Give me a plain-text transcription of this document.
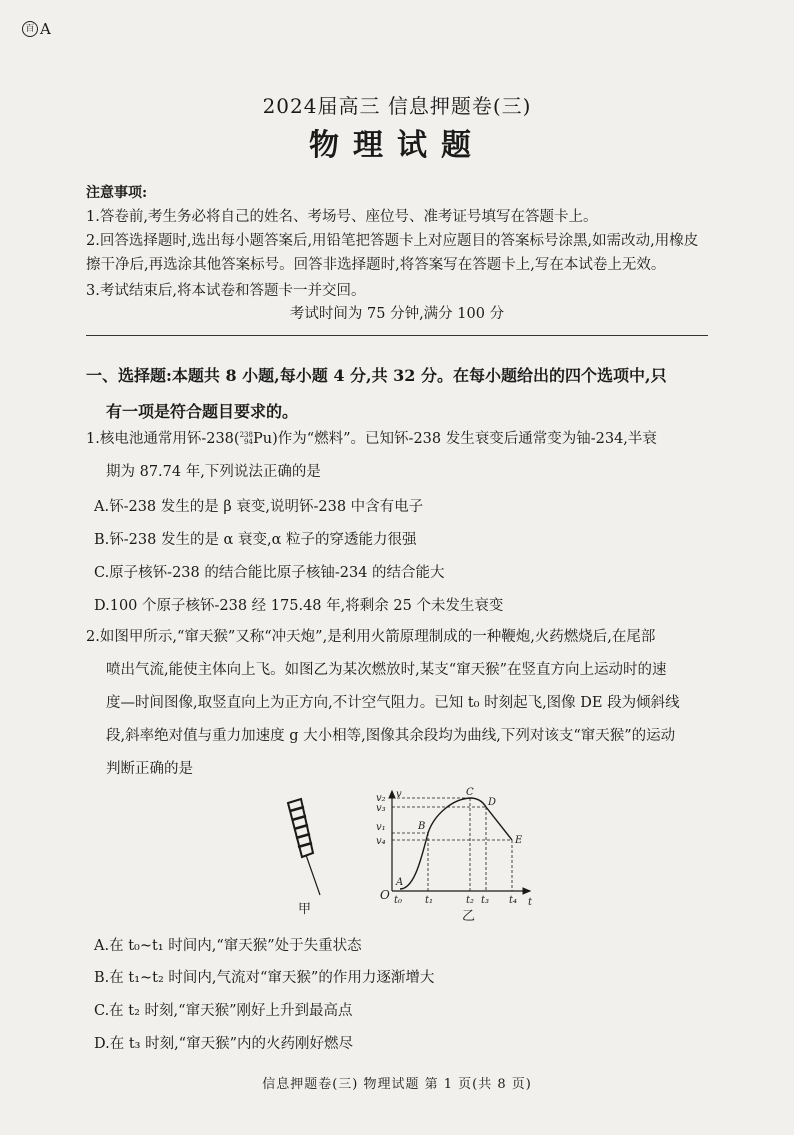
百 A
2024届高三 信息押题卷(三)
物理试题
注意事项:
1.答卷前,考生务必将自己的姓名、考场号、座位号、准考证号填写在答题卡上。
2.回答选择题时,选出每小题答案后,用铅笔把答题卡上对应题目的答案标号涂黑,如需改动,用橡皮
擦干净后,再选涂其他答案标号。回答非选择题时,将答案写在答题卡上,写在本试卷上无效。
3.考试结束后,将本试卷和答题卡一并交回。
考试时间为 75 分钟,满分 100 分
一、选择题:本题共 8 小题,每小题 4 分,共 32 分。在每小题给出的四个选项中,只
有一项是符合题目要求的。
1.核电池通常用钚-238( 238
94 Pu)作为“燃料”。已知钚-238 发生衰变后通常变为铀-234,半衰
期为 87.74 年,下列说法正确的是
A.钚-238 发生的是 β 衰变,说明钚-238 中含有电子
B.钚-238 发生的是 α 衰变,α 粒子的穿透能力很强
C.原子核钚-238 的结合能比原子核铀-234 的结合能大
D.100 个原子核钚-238 经 175.48 年,将剩余 25 个未发生衰变
2.如图甲所示,“窜天猴”又称“冲天炮”,是利用火箭原理制成的一种鞭炮,火药燃烧后,在尾部
喷出气流,能使主体向上飞。如图乙为某次燃放时,某支“窜天猴”在竖直方向上运动时的速
度—时间图像,取竖直向上为正方向,不计空气阻力。已知 t₀ 时刻起飞,图像 DE 段为倾斜线
段,斜率绝对值与重力加速度 g 大小相等,图像其余段均为曲线,下列对该支“窜天猴”的运动
判断正确的是
甲
v
t
O
v₂
v₃
v₁
v₄
t₀ t₁	t₂ t₃ t₄
A
B
C
D
E
乙
A.在 t₀~t₁ 时间内,“窜天猴”处于失重状态
B.在 t₁~t₂ 时间内,气流对“窜天猴”的作用力逐渐增大
C.在 t₂ 时刻,“窜天猴”刚好上升到最高点
D.在 t₃ 时刻,“窜天猴”内的火药刚好燃尽
信息押题卷(三) 物理试题 第 1 页(共 8 页)
